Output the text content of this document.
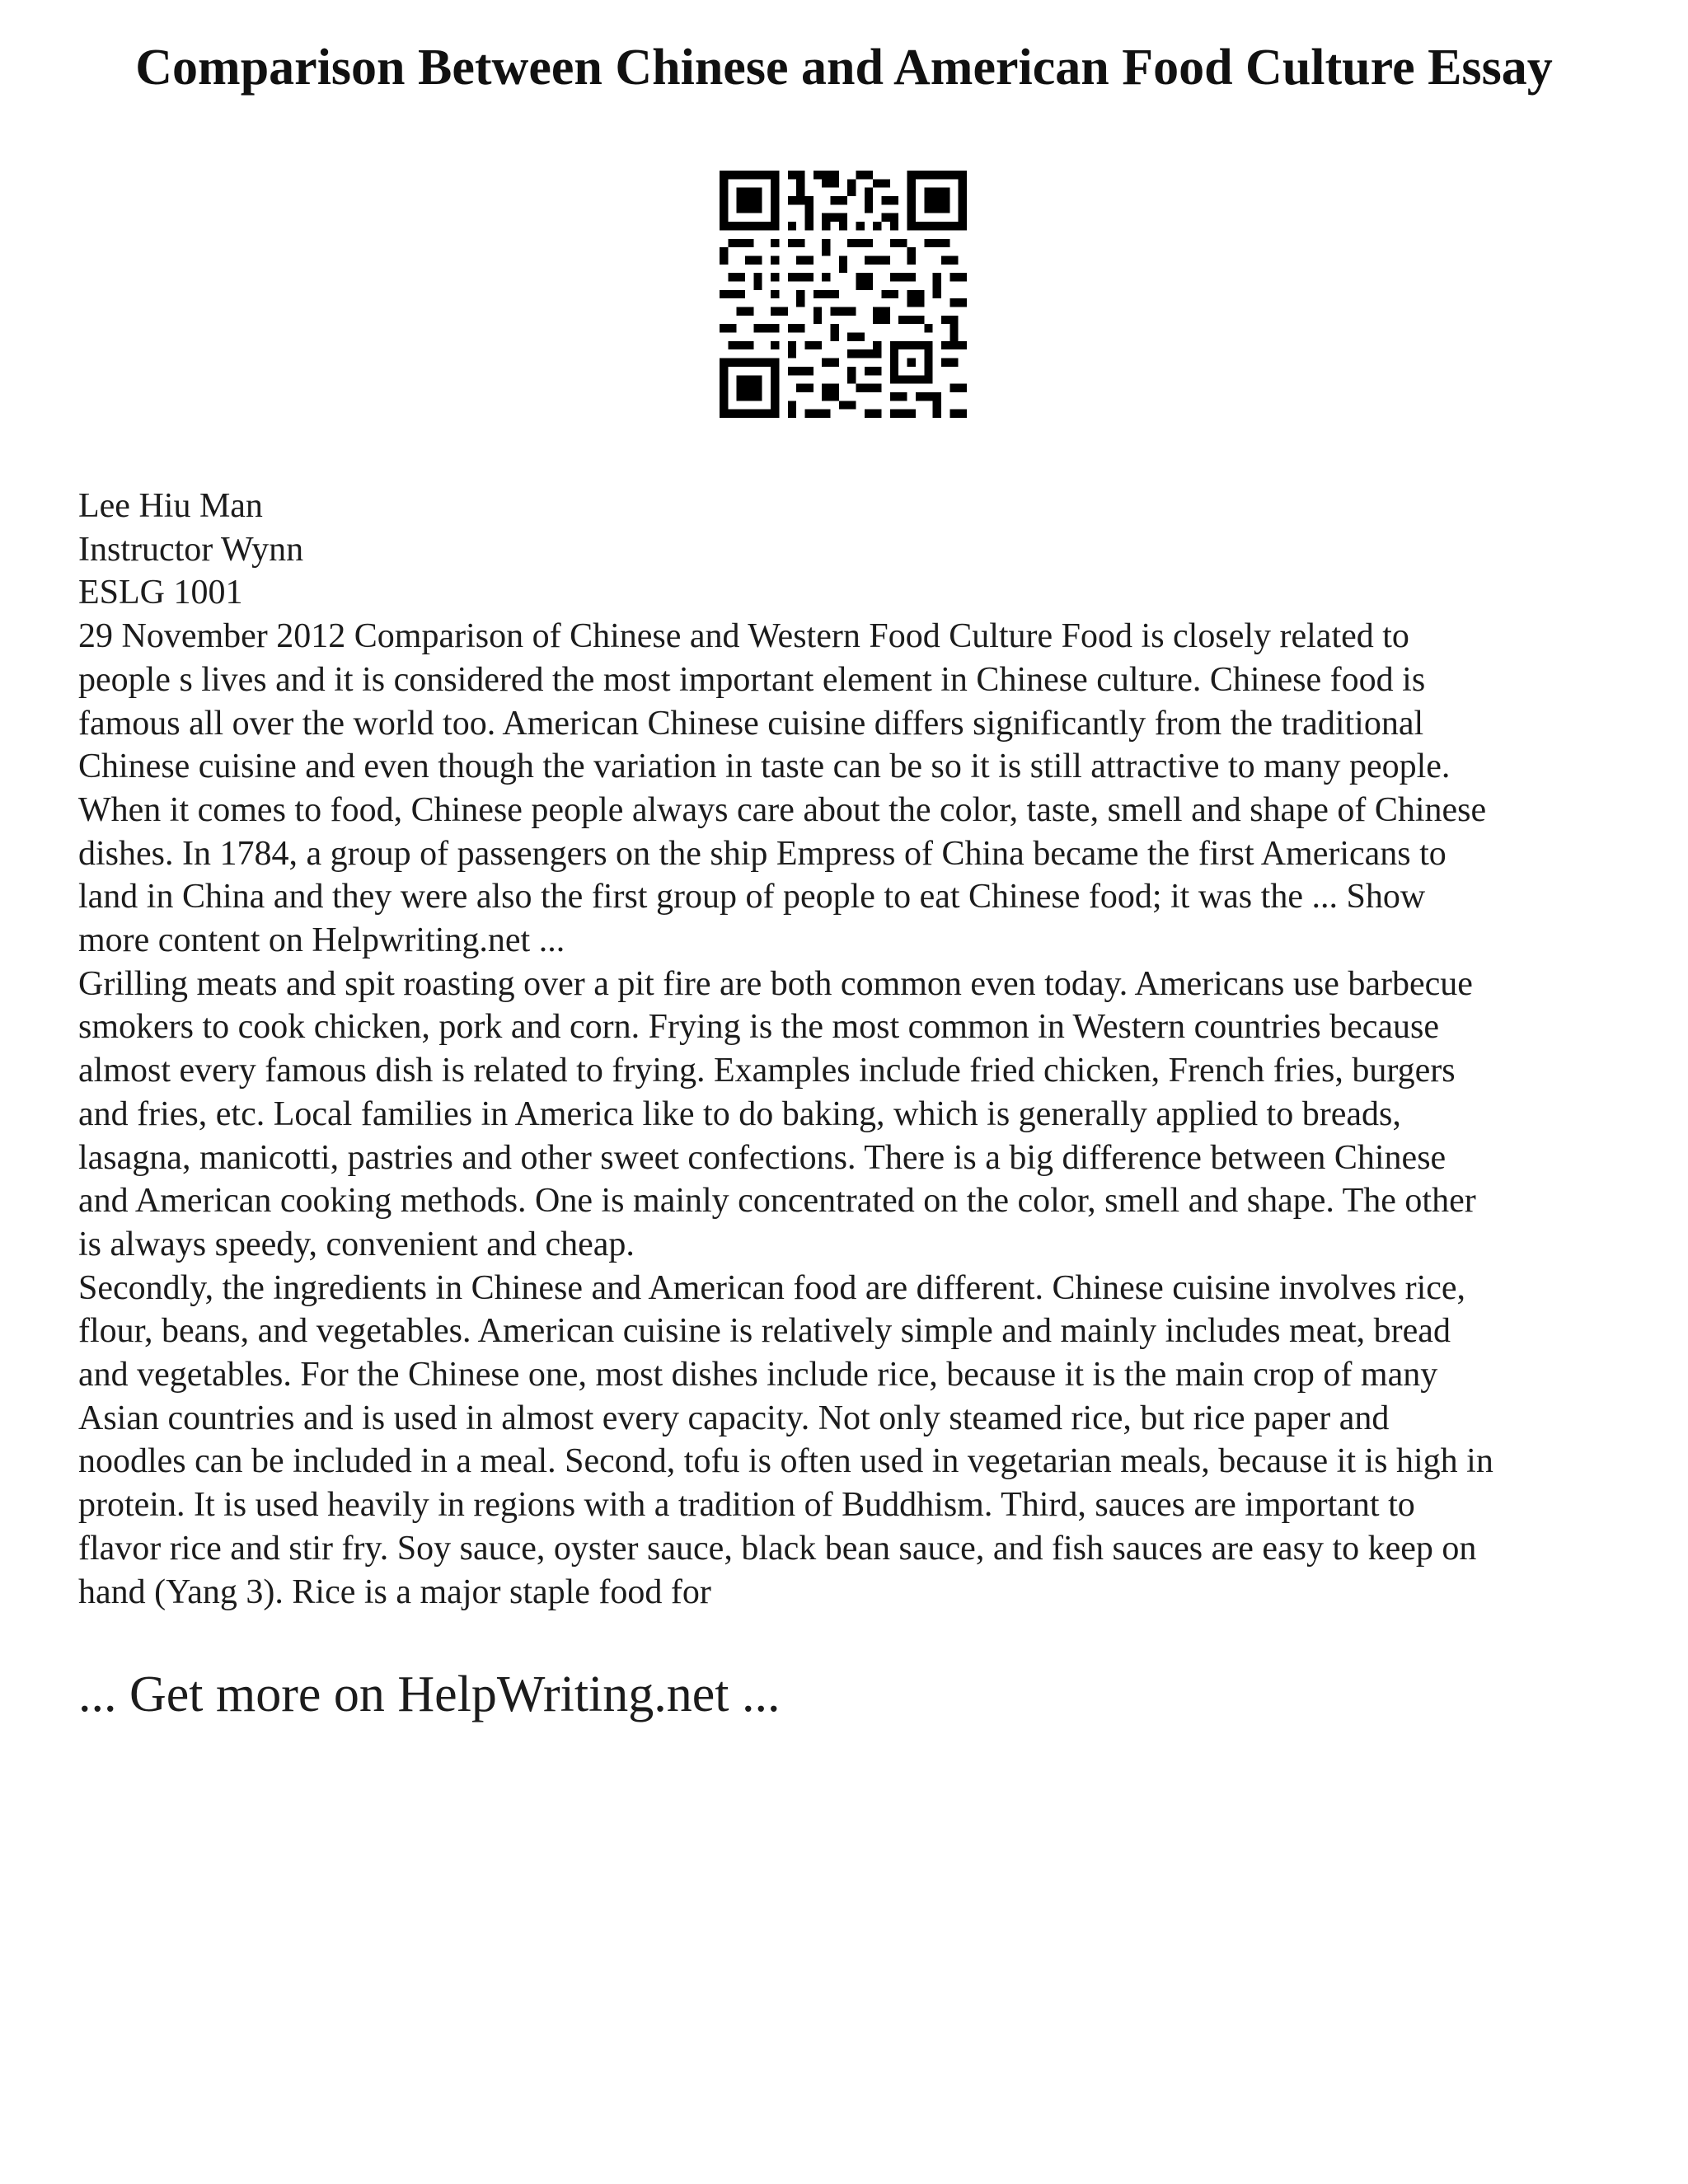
Comparison Between Chinese and American Food Culture Essay

Lee Hiu Man

Instructor Wynn

ESLG 1001

29 November 2012 Comparison of Chinese and Western Food Culture Food is closely related to
people s lives and it is considered the most important element in Chinese culture. Chinese food is
famous all over the world too. American Chinese cuisine differs significantly from the traditional
Chinese cuisine and even though the variation in taste can be so it is still attractive to many people.
When it comes to food, Chinese people always care about the color, taste, smell and shape of Chinese
dishes. In 1784, a group of passengers on the ship Empress of China became the first Americans to
land in China and they were also the first group of people to eat Chinese food; it was the ... Show
more content on Helpwriting.net ...

Grilling meats and spit roasting over a pit fire are both common even today. Americans use barbecue
smokers to cook chicken, pork and corn. Frying is the most common in Western countries because
almost every famous dish is related to frying. Examples include fried chicken, French fries, burgers
and fries, etc. Local families in America like to do baking, which is generally applied to breads,
lasagna, manicotti, pastries and other sweet confections. There is a big difference between Chinese
and American cooking methods. One is mainly concentrated on the color, smell and shape. The other
is always speedy, convenient and cheap.

Secondly, the ingredients in Chinese and American food are different. Chinese cuisine involves rice,
flour, beans, and vegetables. American cuisine is relatively simple and mainly includes meat, bread
and vegetables. For the Chinese one, most dishes include rice, because it is the main crop of many
Asian countries and is used in almost every capacity. Not only steamed rice, but rice paper and
noodles can be included in a meal. Second, tofu is often used in vegetarian meals, because it is high in
protein. It is used heavily in regions with a tradition of Buddhism. Third, sauces are important to
flavor rice and stir fry. Soy sauce, oyster sauce, black bean sauce, and fish sauces are easy to keep on
hand (Yang 3). Rice is a major staple food for

... Get more on HelpWriting.net ...
